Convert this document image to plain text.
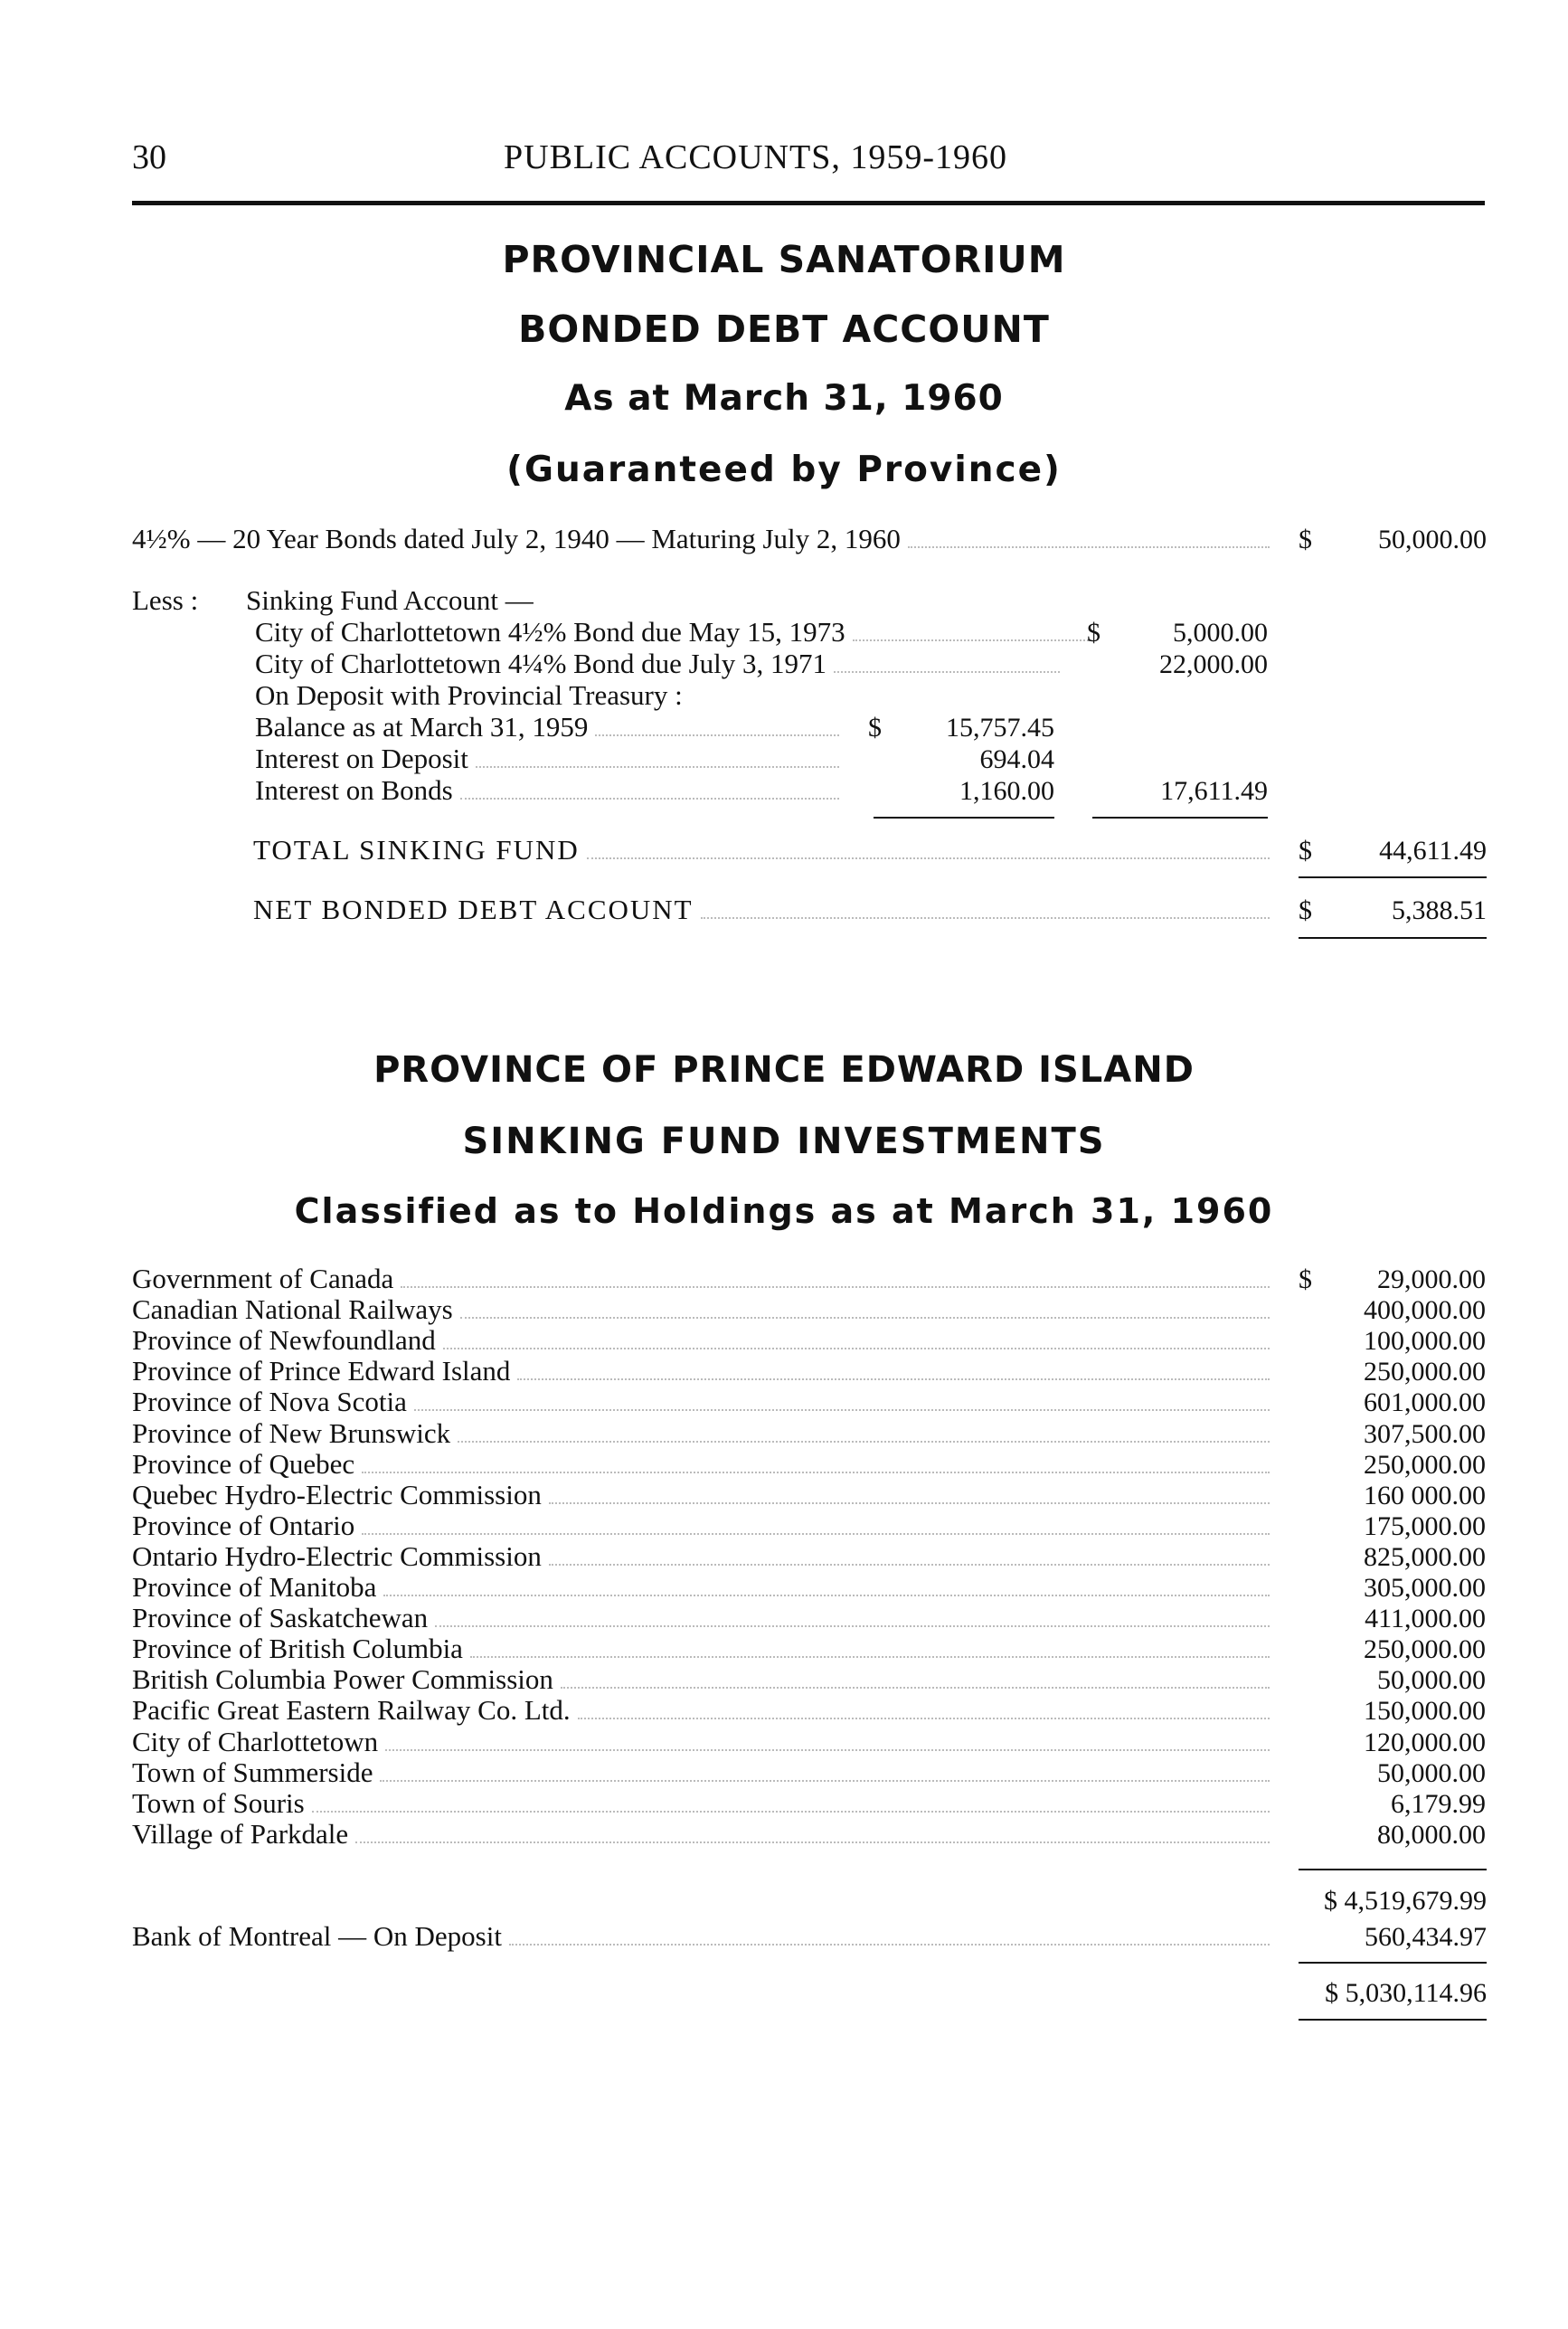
30	PUBLIC ACCOUNTS, 1959-1960
PROVINCIAL SANATORIUM
BONDED DEBT ACCOUNT
As at March 31, 1960
(Guaranteed by Province)
4½% — 20 Year Bonds dated July 2, 1940 — Maturing July 2, 1960	$	50,000.00
Less : Sinking Fund Account —
City of Charlottetown 4½% Bond due May 15, 1973	$	5,000.00
City of Charlottetown 4¼% Bond due July 3, 1971	22,000.00
On Deposit with Provincial Treasury :
Balance as at March 31, 1959	$	15,757.45
Interest on Deposit	694.04
Interest on Bonds	1,160.00	17,611.49
TOTAL SINKING FUND	$	44,611.49
NET BONDED DEBT ACCOUNT	$	5,388.51
PROVINCE OF PRINCE EDWARD ISLAND
SINKING FUND INVESTMENTS
Classified as to Holdings as at March 31, 1960
Government of Canada	29,000.00
Canadian National Railways	400,000.00
Province of Newfoundland	100,000.00
Province of Prince Edward Island	250,000.00
Province of Nova Scotia	601,000.00
Province of New Brunswick	307,500.00
Province of Quebec	250,000.00
Quebec Hydro-Electric Commission	160 000.00
Province of Ontario	175,000.00
Ontario Hydro-Electric Commission	825,000.00
Province of Manitoba	305,000.00
Province of Saskatchewan	411,000.00
Province of British Columbia	250,000.00
British Columbia Power Commission	50,000.00
Pacific Great Eastern Railway Co. Ltd.	150,000.00
City of Charlottetown	120,000.00
Town of Summerside	50,000.00
Town of Souris	6,179.99
Village of Parkdale	80,000.00
$
$ 4,519,679.99
Bank of Montreal — On Deposit	560,434.97
$ 5,030,114.96
